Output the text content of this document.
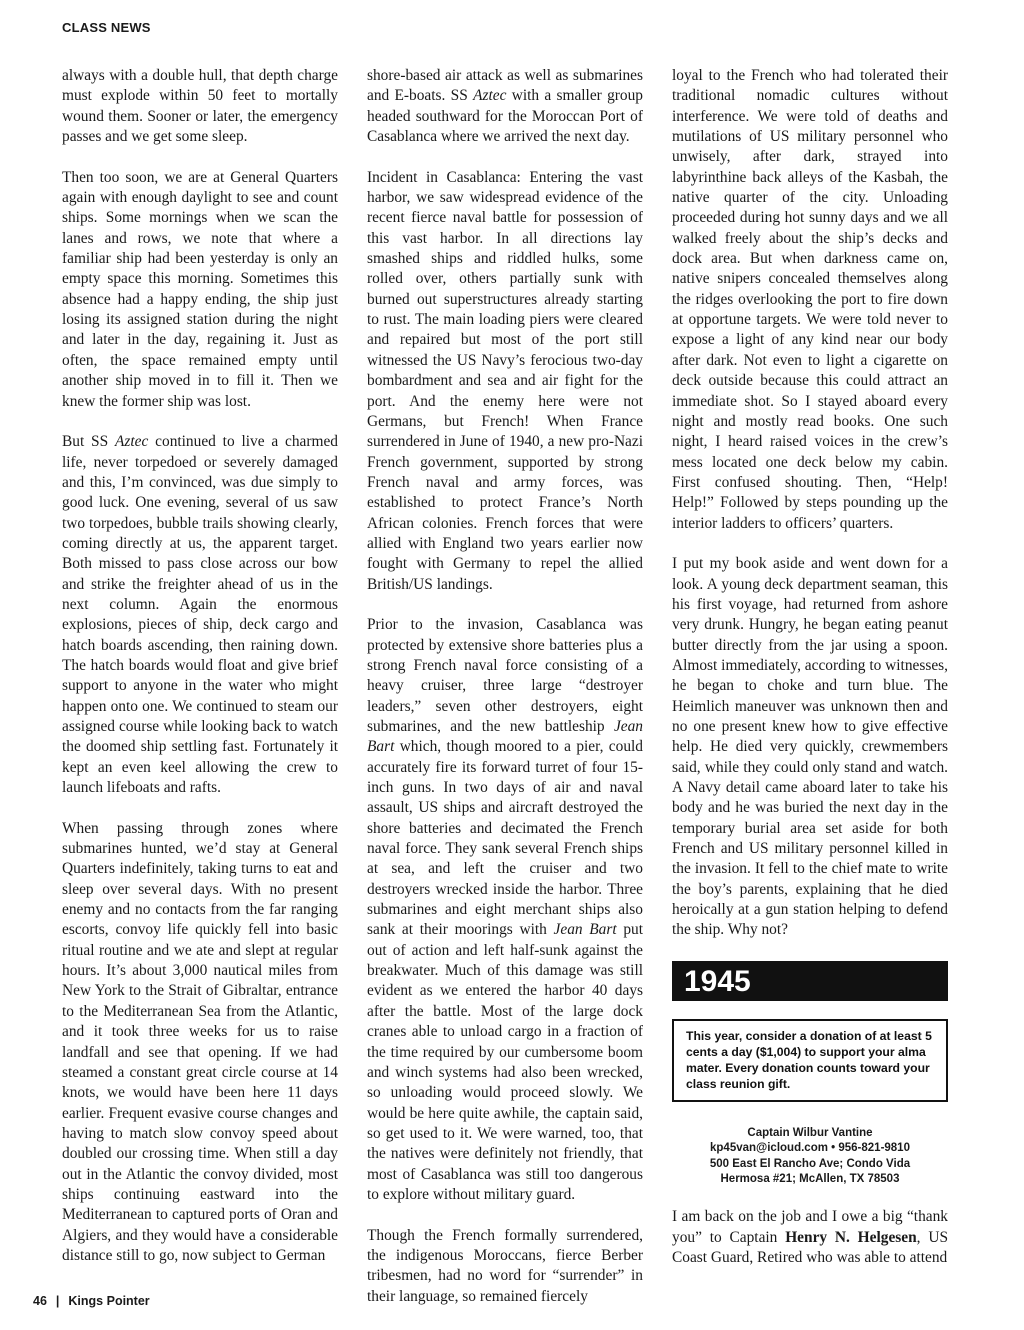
CLASS NEWS

always with a double hull, that depth charge must explode within 50 feet to mortally wound them. Sooner or later, the emergency passes and we get some sleep.

Then too soon, we are at General Quarters again with enough daylight to see and count ships. Some mornings when we scan the lanes and rows, we note that where a familiar ship had been yesterday is only an empty space this morning. Sometimes this absence had a happy ending, the ship just losing its assigned station during the night and later in the day, regaining it. Just as often, the space remained empty until another ship moved in to fill it. Then we knew the former ship was lost.

But SS Aztec continued to live a charmed life, never torpedoed or severely damaged and this, I’m convinced, was due simply to good luck. One evening, several of us saw two torpedoes, bubble trails showing clearly, coming directly at us, the apparent target. Both missed to pass close across our bow and strike the freighter ahead of us in the next column. Again the enormous explosions, pieces of ship, deck cargo and hatch boards ascending, then raining down. The hatch boards would float and give brief support to anyone in the water who might happen onto one. We continued to steam our assigned course while looking back to watch the doomed ship settling fast. Fortunately it kept an even keel allowing the crew to launch lifeboats and rafts.

When passing through zones where submarines hunted, we’d stay at General Quarters indefinitely, taking turns to eat and sleep over several days. With no present enemy and no contacts from the far ranging escorts, convoy life quickly fell into basic ritual routine and we ate and slept at regular hours. It’s about 3,000 nautical miles from New York to the Strait of Gibraltar, entrance to the Mediterranean Sea from the Atlantic, and it took three weeks for us to raise landfall and see that opening. If we had steamed a constant great circle course at 14 knots, we would have been here 11 days earlier. Frequent evasive course changes and having to match slow convoy speed about doubled our crossing time. When still a day out in the Atlantic the convoy divided, most ships continuing eastward into the Mediterranean to captured ports of Oran and Algiers, and they would have a considerable distance still to go, now subject to German

shore-based air attack as well as submarines and E-boats. SS Aztec with a smaller group headed southward for the Moroccan Port of Casablanca where we arrived the next day.

Incident in Casablanca: Entering the vast harbor, we saw widespread evidence of the recent fierce naval battle for possession of this vast harbor. In all directions lay smashed ships and riddled hulks, some rolled over, others partially sunk with burned out superstructures already starting to rust. The main loading piers were cleared and repaired but most of the port still witnessed the US Navy’s ferocious two-day bombardment and sea and air fight for the port. And the enemy here were not Germans, but French! When France surrendered in June of 1940, a new pro-Nazi French government, supported by strong French naval and army forces, was established to protect France’s North African colonies. French forces that were allied with England two years earlier now fought with Germany to repel the allied British/US landings.

Prior to the invasion, Casablanca was protected by extensive shore batteries plus a strong French naval force consisting of a heavy cruiser, three large “destroyer leaders,” seven other destroyers, eight submarines, and the new battleship Jean Bart which, though moored to a pier, could accurately fire its forward turret of four 15-inch guns. In two days of air and naval assault, US ships and aircraft destroyed the shore batteries and decimated the French naval force. They sank several French ships at sea, and left the cruiser and two destroyers wrecked inside the harbor. Three submarines and eight merchant ships also sank at their moorings with Jean Bart put out of action and left half-sunk against the breakwater. Much of this damage was still evident as we entered the harbor 40 days after the battle. Most of the large dock cranes able to unload cargo in a fraction of the time required by our cumbersome boom and winch systems had also been wrecked, so unloading would proceed slowly. We would be here quite awhile, the captain said, so get used to it. We were warned, too, that the natives were definitely not friendly, that most of Casablanca was still too dangerous to explore without military guard.

Though the French formally surrendered, the indigenous Moroccans, fierce Berber tribesmen, had no word for “surrender” in their language, so remained fiercely

loyal to the French who had tolerated their traditional nomadic cultures without interference. We were told of deaths and mutilations of US military personnel who unwisely, after dark, strayed into labyrinthine back alleys of the Kasbah, the native quarter of the city. Unloading proceeded during hot sunny days and we all walked freely about the ship’s decks and dock area. But when darkness came on, native snipers concealed themselves along the ridges overlooking the port to fire down at opportune targets. We were told never to expose a light of any kind near our body after dark. Not even to light a cigarette on deck outside because this could attract an immediate shot. So I stayed aboard every night and mostly read books. One such night, I heard raised voices in the crew’s mess located one deck below my cabin. First confused shouting. Then, “Help! Help!” Followed by steps pounding up the interior ladders to officers’ quarters.

I put my book aside and went down for a look. A young deck department seaman, this his first voyage, had returned from ashore very drunk. Hungry, he began eating peanut butter directly from the jar using a spoon. Almost immediately, according to witnesses, he began to choke and turn blue. The Heimlich maneuver was unknown then and no one present knew how to give effective help. He died very quickly, crewmembers said, while they could only stand and watch. A Navy detail came aboard later to take his body and he was buried the next day in the temporary burial area set aside for both French and US military personnel killed in the invasion. It fell to the chief mate to write the boy’s parents, explaining that he died heroically at a gun station helping to defend the ship. Why not?

1945
This year, consider a donation of at least 5 cents a day ($1,004) to support your alma mater. Every donation counts toward your class reunion gift.
Captain Wilbur Vantine
kp45van@icloud.com • 956-821-9810
500 East El Rancho Ave; Condo Vida
Hermosa #21; McAllen, TX 78503

I am back on the job and I owe a big “thank you” to Captain Henry N. Helgesen, US Coast Guard, Retired who was able to attend

46 | Kings Pointer
